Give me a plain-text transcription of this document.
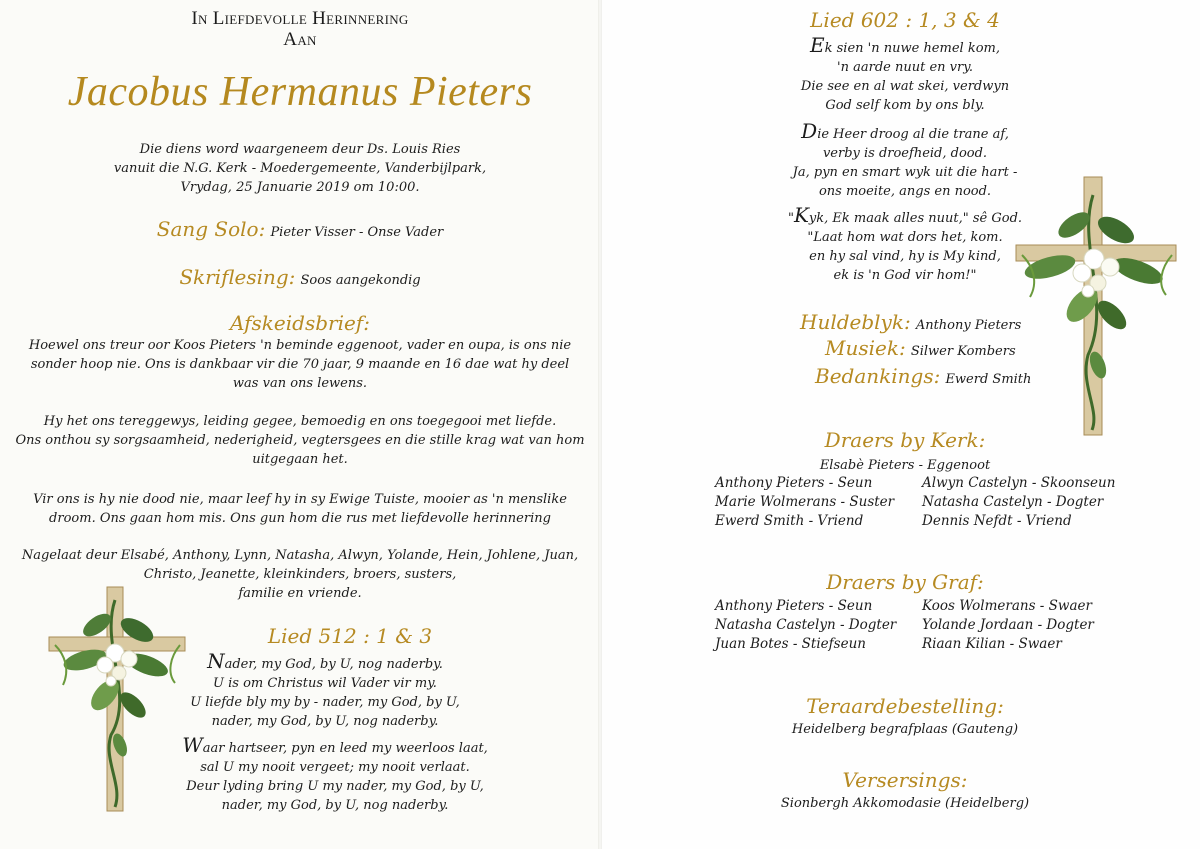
In Liefdevolle Herinnering
Aan
Jacobus Hermanus Pieters
Die diens word waargeneem deur Ds. Louis Ries
vanuit die N.G. Kerk - Moedergemeente, Vanderbijlpark,
Vrydag, 25 Januarie 2019 om 10:00.
Sang Solo: Pieter Visser - Onse Vader
Skriflesing: Soos aangekondig
Afskeidsbrief:
Hoewel ons treur oor Koos Pieters 'n beminde eggenoot, vader en oupa, is ons nie
sonder hoop nie. Ons is dankbaar vir die 70 jaar, 9 maande en 16 dae wat hy deel
was van ons lewens.
Hy het ons tereggewys, leiding gegee, bemoedig en ons toegegooi met liefde.
Ons onthou sy sorgsaamheid, nederigheid, vegtersgees en die stille krag wat van hom
uitgegaan het.
Vir ons is hy nie dood nie, maar leef hy in sy Ewige Tuiste, mooier as 'n menslike
droom. Ons gaan hom mis. Ons gun hom die rus met liefdevolle herinnering
Nagelaat deur Elsabé, Anthony, Lynn, Natasha, Alwyn, Yolande, Hein, Johlene, Juan,
Christo, Jeanette, kleinkinders, broers, susters,
familie en vriende.
Lied 512 : 1 & 3
Nader, my God, by U, nog naderby.
U is om Christus wil Vader vir my.
U liefde bly my by - nader, my God, by U,
nader, my God, by U, nog naderby.
Waar hartseer, pyn en leed my weerloos laat,
sal U my nooit vergeet; my nooit verlaat.
Deur lyding bring U my nader, my God, by U,
nader, my God, by U, nog naderby.
Lied 602 : 1, 3 & 4
Ek sien 'n nuwe hemel kom,
'n aarde nuut en vry.
Die see en al wat skei, verdwyn
God self kom by ons bly.
Die Heer droog al die trane af,
verby is droefheid, dood.
Ja, pyn en smart wyk uit die hart -
ons moeite, angs en nood.
"Kyk, Ek maak alles nuut," sê God.
"Laat hom wat dors het, kom.
en hy sal vind, hy is My kind,
ek is 'n God vir hom!"
Huldeblyk: Anthony Pieters
Musiek: Silwer Kombers
Bedankings: Ewerd Smith
Draers by Kerk:
Elsabè Pieters - Eggenoot
Anthony Pieters - Seun
Marie Wolmerans - Suster
Ewerd Smith - Vriend
Alwyn Castelyn - Skoonseun
Natasha Castelyn - Dogter
Dennis Nefdt - Vriend
Draers by Graf:
Anthony Pieters - Seun
Natasha Castelyn - Dogter
Juan Botes - Stiefseun
Koos Wolmerans - Swaer
Yolande Jordaan - Dogter
Riaan Kilian - Swaer
Teraardebestelling:
Heidelberg begrafplaas (Gauteng)
Versersings:
Sionbergh Akkomodasie (Heidelberg)
